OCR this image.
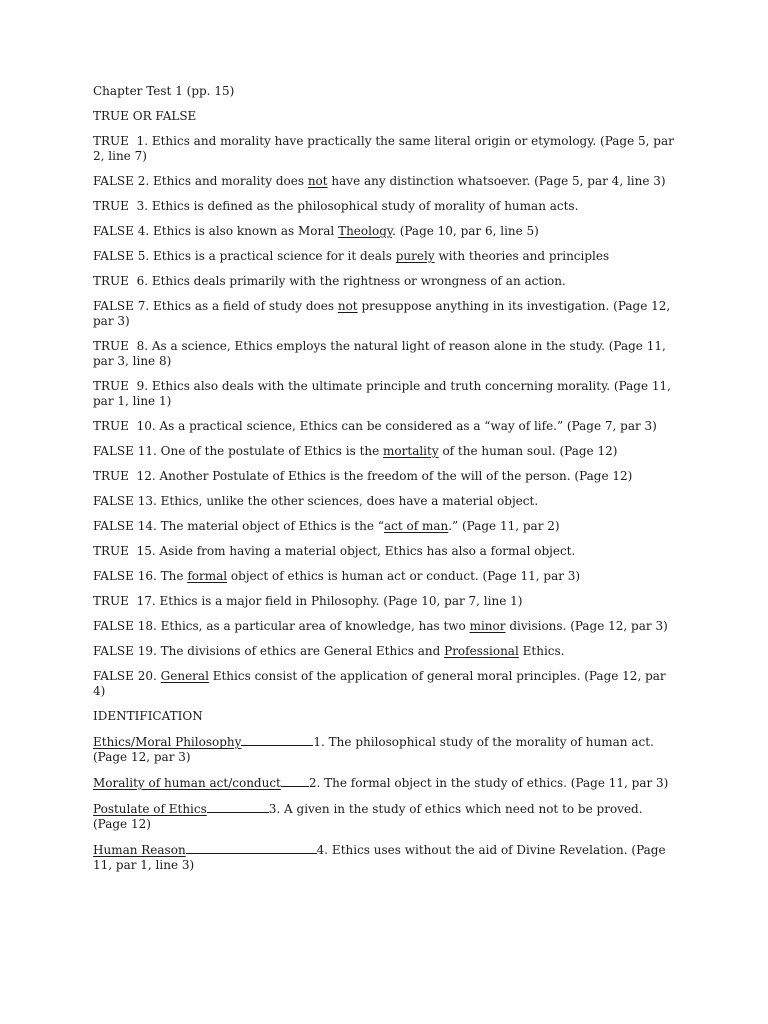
Chapter Test 1 (pp. 15)
TRUE OR FALSE
TRUE 1. Ethics and morality have practically the same literal origin or etymology. (Page 5, par 2, line 7)
FALSE 2. Ethics and morality does not have any distinction whatsoever. (Page 5, par 4, line 3)
TRUE 3. Ethics is defined as the philosophical study of morality of human acts.
FALSE 4. Ethics is also known as Moral Theology. (Page 10, par 6, line 5)
FALSE 5. Ethics is a practical science for it deals purely with theories and principles
TRUE 6. Ethics deals primarily with the rightness or wrongness of an action.
FALSE 7. Ethics as a field of study does not presuppose anything in its investigation. (Page 12, par 3)
TRUE 8. As a science, Ethics employs the natural light of reason alone in the study. (Page 11, par 3, line 8)
TRUE 9. Ethics also deals with the ultimate principle and truth concerning morality. (Page 11, par 1, line 1)
TRUE 10. As a practical science, Ethics can be considered as a “way of life.” (Page 7, par 3)
FALSE 11. One of the postulate of Ethics is the mortality of the human soul. (Page 12)
TRUE 12. Another Postulate of Ethics is the freedom of the will of the person. (Page 12)
FALSE 13. Ethics, unlike the other sciences, does have a material object.
FALSE 14. The material object of Ethics is the “act of man.” (Page 11, par 2)
TRUE 15. Aside from having a material object, Ethics has also a formal object.
FALSE 16. The formal object of ethics is human act or conduct. (Page 11, par 3)
TRUE 17. Ethics is a major field in Philosophy. (Page 10, par 7, line 1)
FALSE 18. Ethics, as a particular area of knowledge, has two minor divisions. (Page 12, par 3)
FALSE 19. The divisions of ethics are General Ethics and Professional Ethics.
FALSE 20. General Ethics consist of the application of general moral principles. (Page 12, par 4)
IDENTIFICATION
Ethics/Moral Philosophy	1. The philosophical study of the morality of human act. (Page 12, par 3)
Morality of human act/conduct 2. The formal object in the study of ethics. (Page 11, par 3)
Postulate of Ethics	3. A given in the study of ethics which need not to be proved. (Page 12)
Human Reason	4. Ethics uses without the aid of Divine Revelation. (Page 11, par 1, line 3)
